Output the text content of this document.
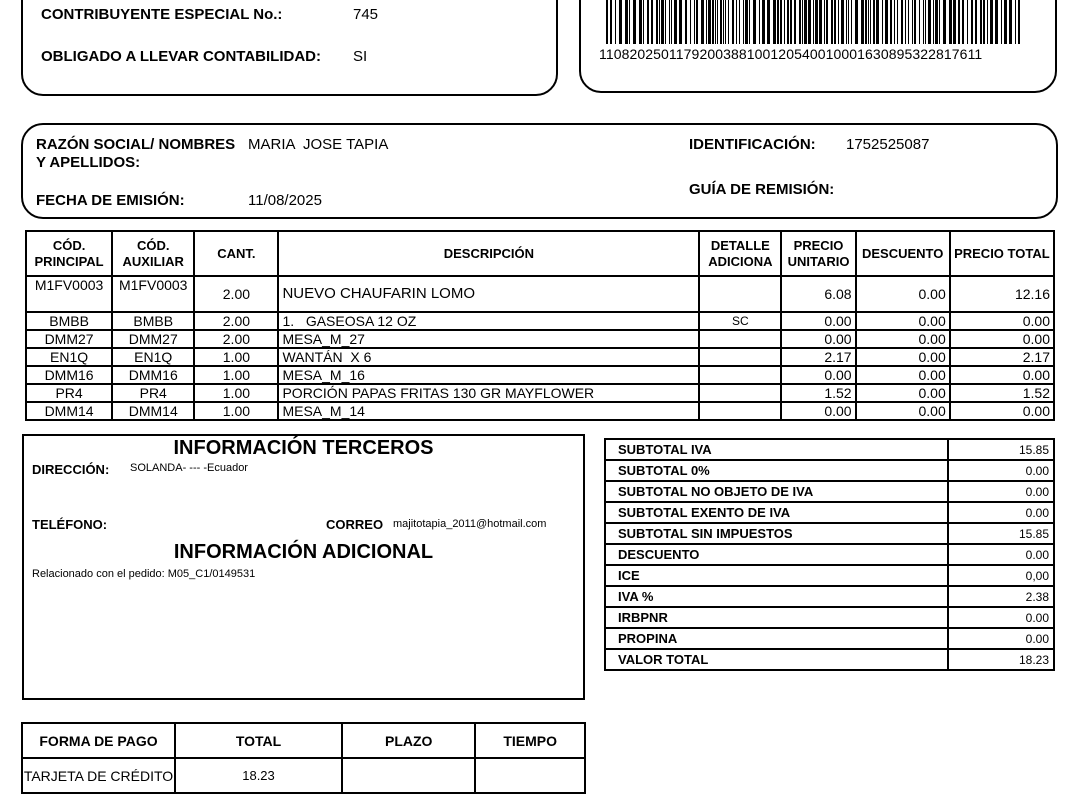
CONTRIBUYENTE ESPECIAL No.:	745
OBLIGADO A LLEVAR CONTABILIDAD: SI	1108202501179200388100120540010001630895322817611
RAZÓN SOCIAL/ NOMBRES
Y APELLIDOS:
MARIA  JOSE TAPIA	IDENTIFICACIÓN: 1752525087
FECHA DE EMISIÓN:	11/08/2025
GUÍA DE REMISIÓN:
CÓD. PRINCIPAL	CÓD. AUXILIAR	CANT.	DESCRIPCIÓN	DETALLE ADICIONA	PRECIO UNITARIO	DESCUENTO	PRECIO TOTAL
M1FV0003	M1FV0003	2.00	NUEVO CHAUFARIN LOMO		6.08	0.00	12.16
BMBB	BMBB	2.00	1.   GASEOSA 12 OZ	SC	0.00	0.00	0.00
DMM27	DMM27	2.00	MESA_M_27		0.00	0.00	0.00
EN1Q	EN1Q	1.00	WANTÁN  X 6		2.17	0.00	2.17
DMM16	DMM16	1.00	MESA_M_16		0.00	0.00	0.00
PR4	PR4	1.00	PORCIÓN PAPAS FRITAS 130 GR MAYFLOWER		1.52	0.00	1.52
DMM14	DMM14	1.00	MESA_M_14		0.00	0.00	0.00
INFORMACIÓN TERCEROS
DIRECCIÓN: SOLANDA- --- -Ecuador
TELÉFONO:	CORREO majitotapia_2011@hotmail.com
INFORMACIÓN ADICIONAL
Relacionado con el pedido: M05_C1/0149531
SUBTOTAL IVA	15.85
SUBTOTAL 0%	0.00
SUBTOTAL NO OBJETO DE IVA	0.00
SUBTOTAL EXENTO DE IVA	0.00
SUBTOTAL SIN IMPUESTOS	15.85
DESCUENTO	0.00
ICE	0,00
IVA %	2.38
IRBPNR	0.00
PROPINA	0.00
VALOR TOTAL	18.23
FORMA DE PAGO	TOTAL	PLAZO	TIEMPO
TARJETA DE CRÉDITO	18.23		
